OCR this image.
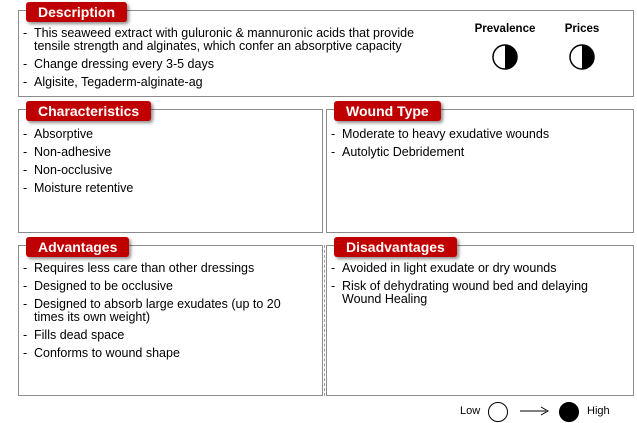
Description
- This seaweed extract with guluronic & mannuronic acids that provide tensile strength and alginates, which confer an absorptive capacity
- Change dressing every 3-5 days
- Algisite, Tegaderm-alginate-ag
Prevalence	Prices
Characteristics
- Absorptive
- Non-adhesive
- Non-occlusive
- Moisture retentive
Wound Type
- Moderate to heavy exudative wounds
- Autolytic Debridement
Advantages
- Requires less care than other dressings
- Designed to be occlusive
- Designed to absorb large exudates (up to 20 times its own weight)
- Fills dead space
- Conforms to wound shape
Disadvantages
- Avoided in light exudate or dry wounds
- Risk of dehydrating wound bed and delaying Wound Healing
Low	High
